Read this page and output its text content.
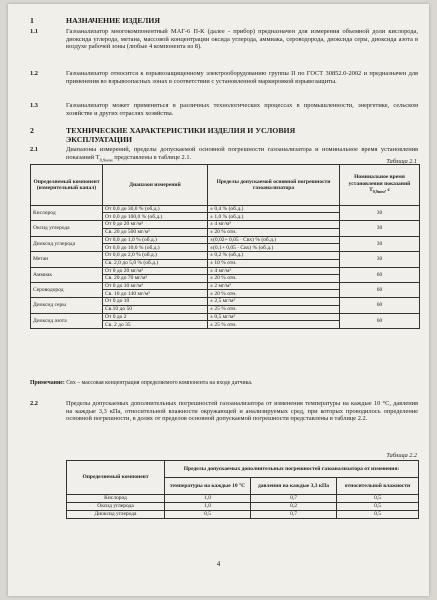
1	НАЗНАЧЕНИЕ ИЗДЕЛИЯ
1.1	Газоанализатор многокомпонентный МАГ-6 П-К (далее - прибор) предназначен для измерения объемной доли кислорода, диоксида углерода, метана, массовой концентрации оксида углерода, аммиака, сероводорода, диоксида серы, диоксида азота в воздухе рабочей зоны (любые 4 компонента из 8).
1.2	Газоанализатор относится к взрывозащищенному электрооборудованию группы II по ГОСТ 30852.0-2002 и предназначен для применения во взрывоопасных зонах в соответствии с установленной маркировкой взрывозащиты.
1.3	Газоанализатор может применяться в различных технологических процессах в промышленности, энергетике, сельском хозяйстве и других отраслях хозяйства.
2	ТЕХНИЧЕСКИЕ ХАРАКТЕРИСТИКИ ИЗДЕЛИЯ И УСЛОВИЯ ЭКСПЛУАТАЦИИ
2.1	Диапазоны измерений, пределы допускаемой основной погрешности газоанализатора и номинальное время установления показаний $Т_{0,9ном}$ представлены в таблице 2.1.
Таблица 2.1
Определяемый компонент (измерительный канал)	Диапазон измерений	Пределы допускаемой основной погрешности газоанализатора	Номинальное время установления показаний $Т_{0,9ном}$, с
Кислород	От 0,0 до 30,0 % (об.д.)	± 0,4 % (об.д.)	30
	От 0,0 до 100,0 % (об.д.)	± 1,0 % (об.д.)	
Оксид углерода	От 0 до 20 мг/м³	± 4 мг/м³	30
	Св. 20 до 500 мг/м³	± 20 % отн.	
Диоксид углерода	От 0,0 до 1,0 % (об.д.)	±(0,02+ 0,05 · Cвх) % (об.д.)	30
	От 0,0 до 10,0 % (об.д.)	±(0,1+ 0,05 · Cвх) % (об.д.)	
Метан	От 0,0 до 2,0 % (об.д.)	± 0,2 % (об.д.)	30
	Св. 2,0 до 5,0 % (об.д.)	± 10 % отн.	
Аммиак	От 0 до 20 мг/м³	± 4 мг/м³	60
	Св. 20 до 70 мг/м³	± 20 % отн.	
Сероводород	От 0 до 10 мг/м³	± 2 мг/м³	60
	Св. 10 до 140 мг/м³	± 20 % отн.	
Диоксид серы	От 0 до 10	± 2,5 мг/м³	60
	Св.10 до 50	± 25 % отн.	
Диоксид азота	От 0 до 2	± 0,5 мг/м³	60
	Св. 2 до 35	± 25 % отн.	
Примечание: Cвх – массовая концентрация определяемого компонента на входе датчика.
2.2	Пределы допускаемых дополнительных погрешностей газоанализатора от изменения температуры на каждые 10 °С, давления на каждые 3,3 кПа, относительной влажности окружающей и анализируемых сред, при которых проводилось определение основной погрешности, в долях от пределов основной допускаемой погрешности представлены в таблице 2.2.
Таблица 2.2
Определяемый компонент	Пределы допускаемых дополнительных погрешностей газоанализатора от изменения:		
	температуры на каждые 10 °С	давления на каждые 3,3 кПа	относительной влажности
Кислород	1,0	0,7	0,5
Оксид углерода	1,0	0,2	0,5
Диоксид углерода	0,5	0,7	0,5
4
